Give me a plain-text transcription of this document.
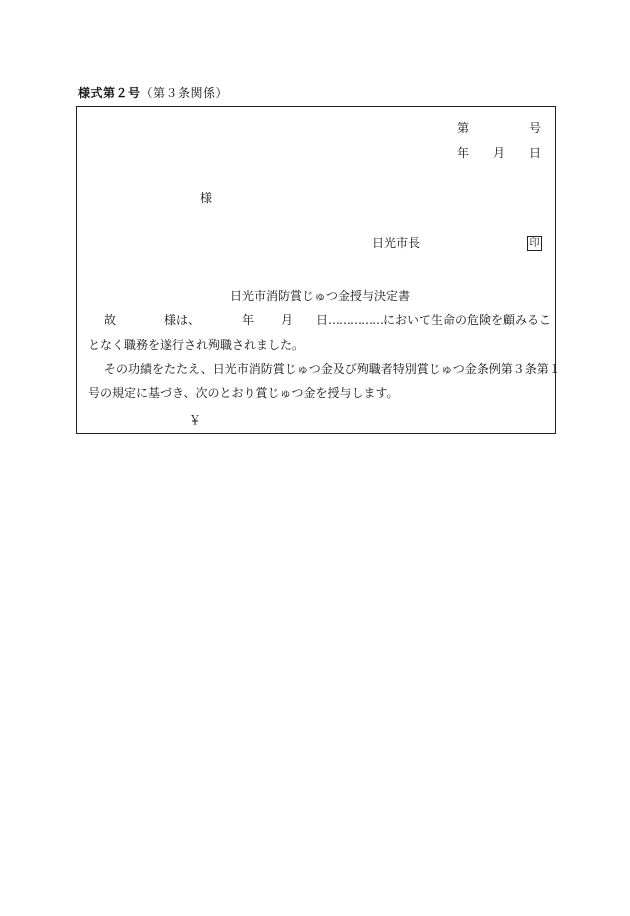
様式第２号（第３条関係）
第	号
年 月 日
様
日光市長	印
日光市消防賞じゅつ金授与決定書
故	様は、	年 月 日……………において生命の危険を顧みるこ
となく職務を遂行され殉職されました。
その功績をたたえ、日光市消防賞じゅつ金及び殉職者特別賞じゅつ金条例第３条第１
号の規定に基づき、次のとおり賞じゅつ金を授与します。
￥
